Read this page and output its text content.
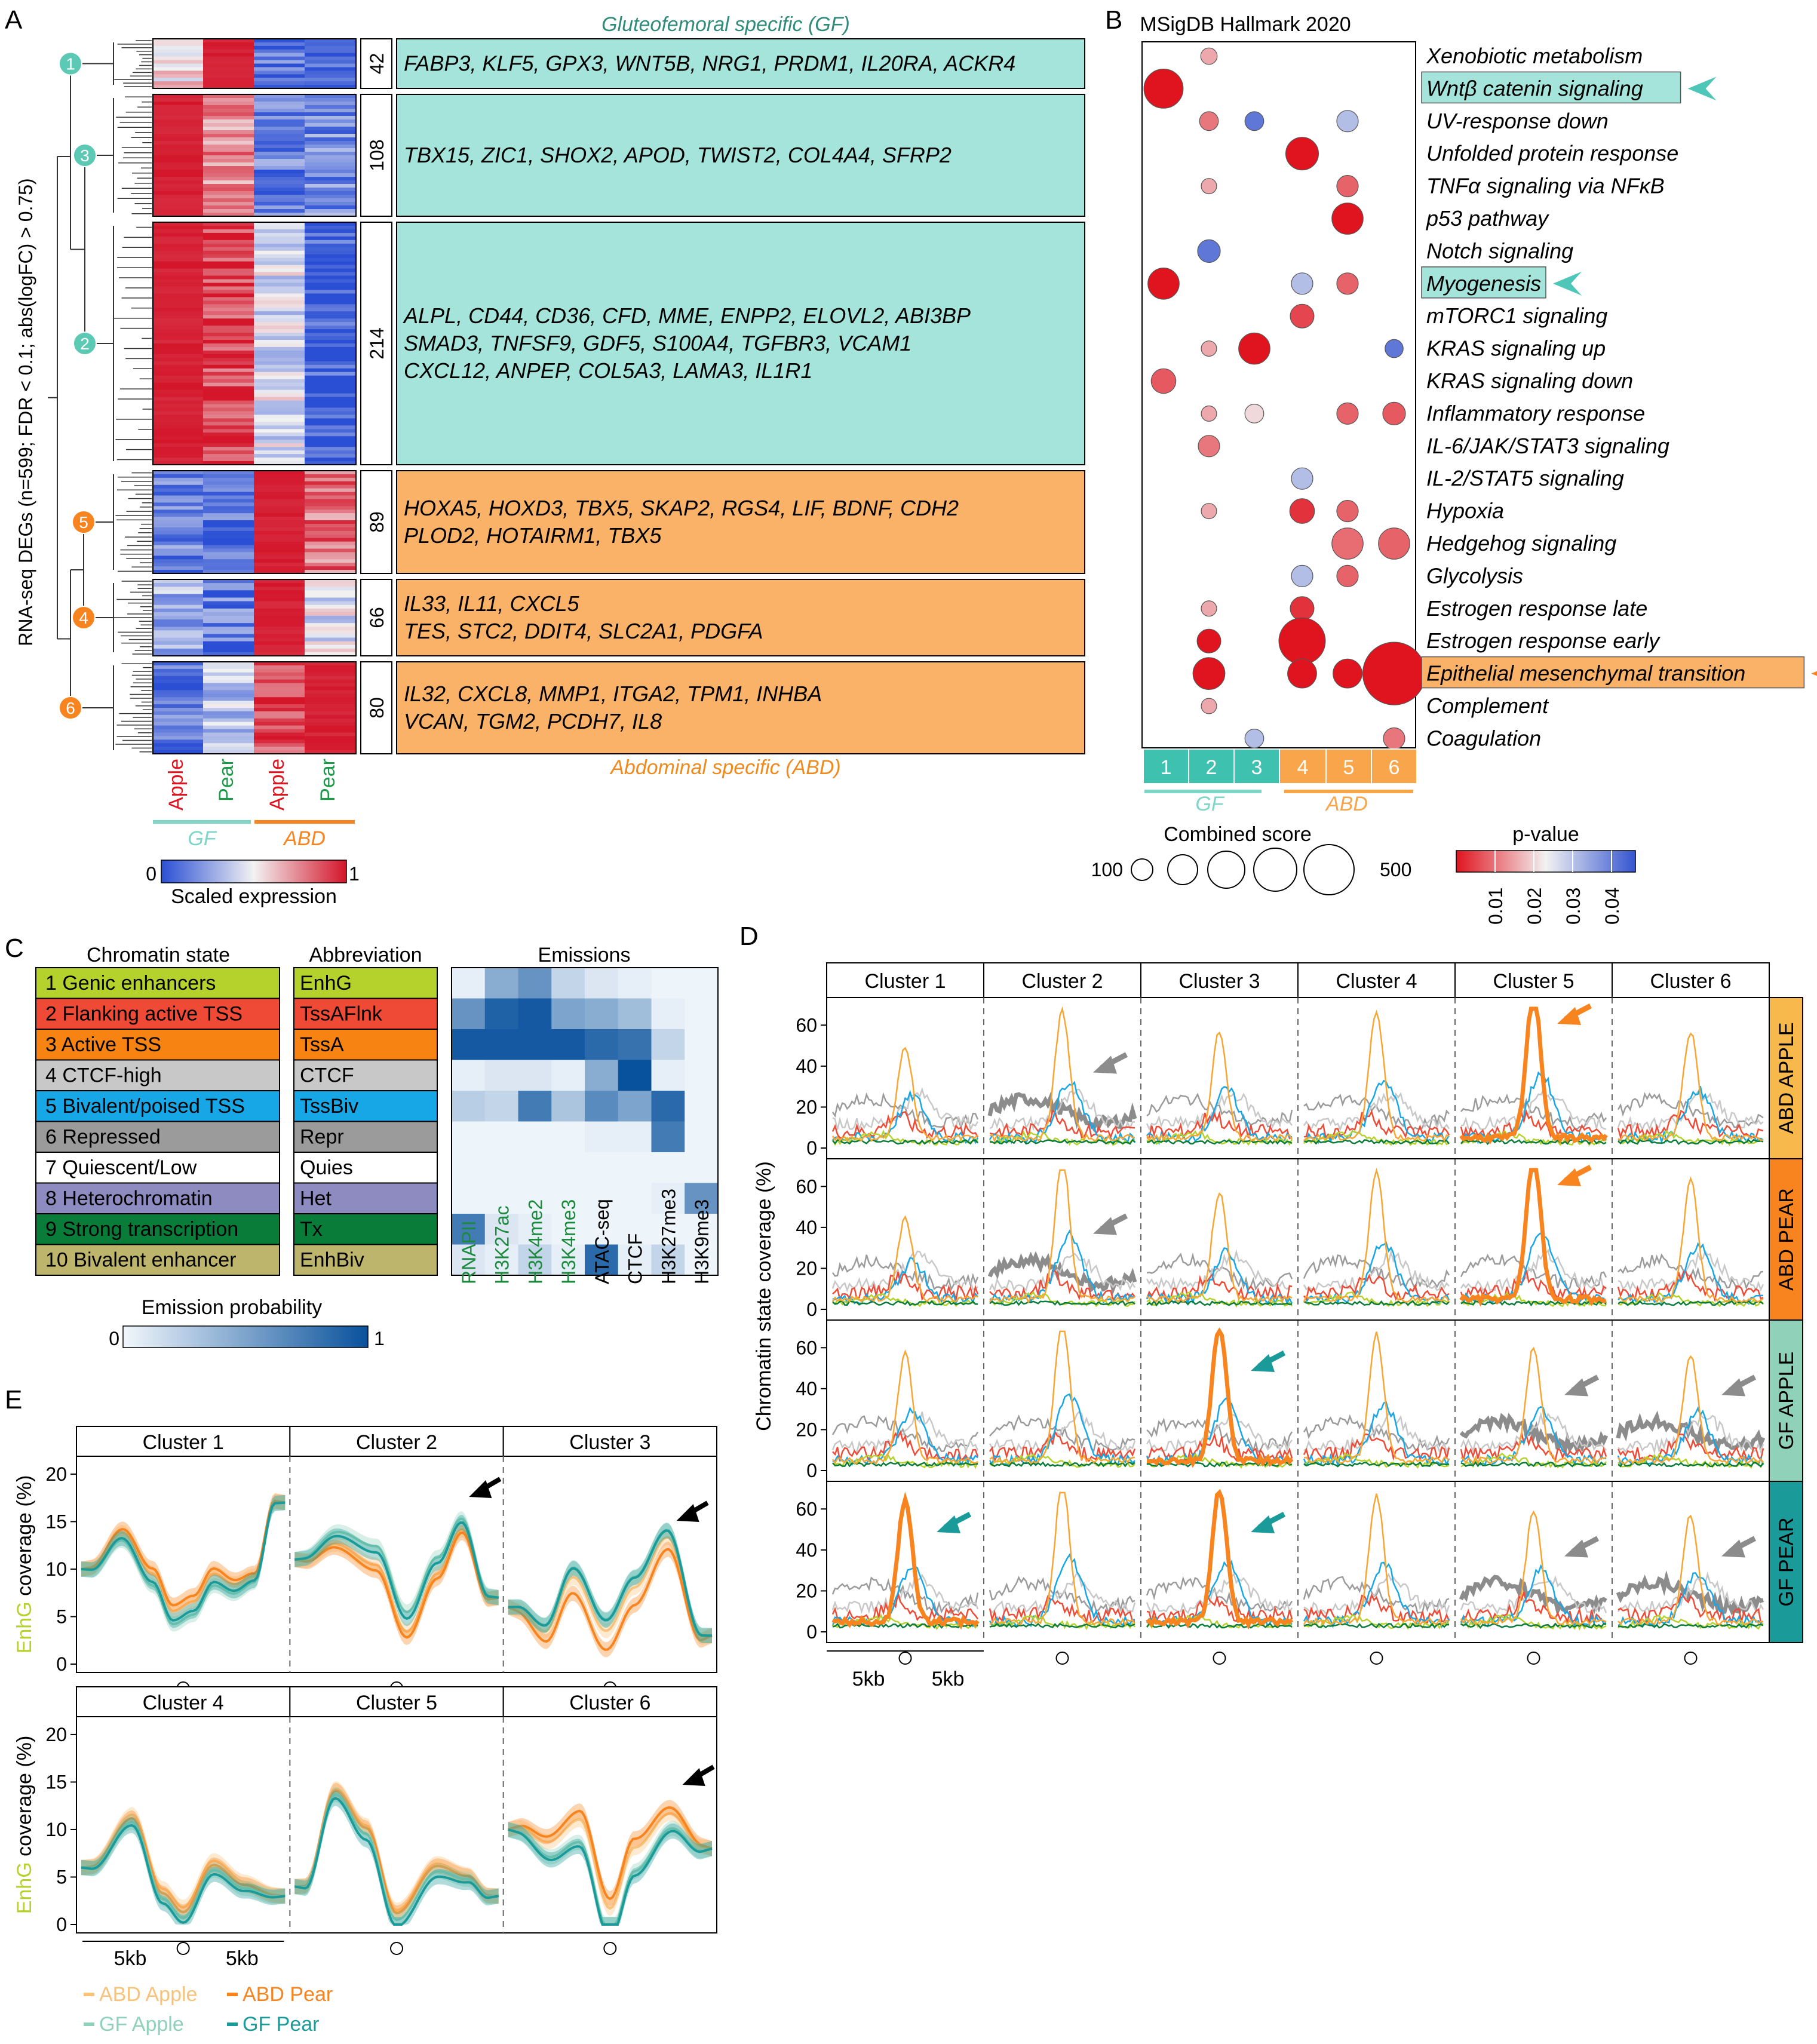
A	B
C	D
E
Gluteofemoral specific (GF)
Abdominal specific (ABD)
RNA-seq DEGs (n=599; FDR < 0.1; abs(logFC) > 0.75)
1
3
2
5
4
6
42 FABP3, KLF5, GPX3, WNT5B, NRG1, PRDM1, IL20RA, ACKR4
108 TBX15, ZIC1, SHOX2, APOD, TWIST2, COL4A4, SFRP2
214
ALPL, CD44, CD36, CFD, MME, ENPP2, ELOVL2, ABI3BP
SMAD3, TNFSF9, GDF5, S100A4, TGFBR3, VCAM1
CXCL12, ANPEP, COL5A3, LAMA3, IL1R1
89
HOXA5, HOXD3, TBX5, SKAP2, RGS4, LIF, BDNF, CDH2
PLOD2, HOTAIRM1, TBX5
66
IL33, IL11, CXCL5
TES, STC2, DDIT4, SLC2A1, PDGFA
80
IL32, CXCL8, MMP1, ITGA2, TPM1, INHBA
VCAN, TGM2, PCDH7, IL8
Apple Pear Apple Pear
GF	ABD
0	1
Scaled expression
MSigDB Hallmark 2020
Xenobiotic metabolism
Wntβ catenin signaling
UV-response down
Unfolded protein response
TNFα signaling via NFκB
p53 pathway
Notch signaling
Myogenesis
mTORC1 signaling
KRAS signaling up
KRAS signaling down
Inflammatory response
IL-6/JAK/STAT3 signaling
IL-2/STAT5 signaling
Hypoxia
Hedgehog signaling
Glycolysis
Estrogen response late
Estrogen response early
Epithelial mesenchymal transition
Complement
Coagulation
1 2 3 4 5 6
GF	ABD
Combined score
100	500
p-value
0.01 0.02 0.03 0.04
Chromatin state	Abbreviation	Emissions
1 Genic enhancers	EnhG
2 Flanking active TSS	TssAFlnk
3 Active TSS	TssA
4 CTCF-high	CTCF
5 Bivalent/poised TSS	TssBiv
6 Repressed	Repr
7 Quiescent/Low	Quies
8 Heterochromatin	Het
9 Strong transcription	Tx
10 Bivalent enhancer	EnhBiv	RNAPII H3K27ac H3K4me2 H3K4me3 ATAC-seq CTCF H3K27me3 H3K9me3
Emission probability
0	1	Chromatin state coverage (%)
Cluster 1	Cluster 2	Cluster 3	Cluster 4	Cluster 5	Cluster 6
ABD APPLE
ABD PEAR
GF APPLE
GF PEAR
0
20
40
60
0
20
40
60
0
20
40
60
0
20
40
60
5kb 5kb
Cluster 1	Cluster 2	Cluster 3
0
5
10
15
20
EnhG coverage (%)
Cluster 4	Cluster 5	Cluster 6
0
5
10
15
20
EnhG coverage (%)
5kb	5kb
ABD Apple ABD Pear
GF Apple	GF Pear
